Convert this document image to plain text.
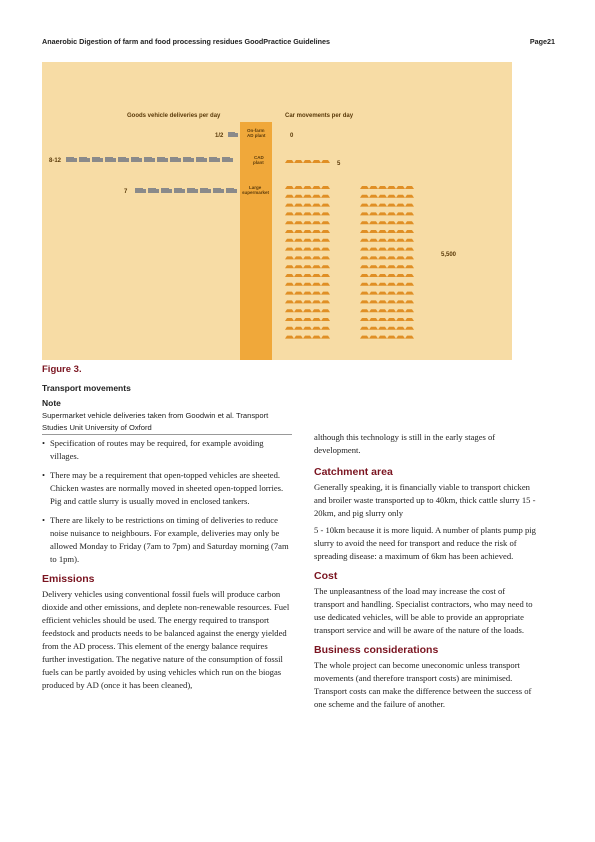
Anaerobic Digestion of farm and food processing residues GoodPractice Guidelines	Page21
Goods vehicle deliveries per day	Car movements per day
1/2
On-farm AD plant	0
8-12
CAD plant	5
7
Large supermarket
5,500
Figure 3.
Transport movements
Note

Supermarket vehicle deliveries taken from Goodwin et al. Transport Studies Unit University of Oxford

• Specification of routes may be required, for example avoiding villages.
• There may be a requirement that open-topped vehicles are sheeted. Chicken wastes are normally moved in sheeted open-topped lorries. Pig and cattle slurry is usually moved in enclosed tankers.
• There are likely to be restrictions on timing of deliveries to reduce noise nuisance to neighbours. For example, deliveries may only be allowed Monday to Friday (7am to 7pm) and Saturday morning (7am to 1pm).
Emissions

Delivery vehicles using conventional fossil fuels will produce carbon dioxide and other emissions, and deplete non-renewable resources. Fuel efficient vehicles should be used. The energy required to transport feedstock and products needs to be balanced against the energy yielded from the AD process. This element of the energy balance requires further investigation. The negative nature of the consumption of fossil fuels can be partly avoided by using vehicles which run on the biogas produced by AD (once it has been cleaned),

although this technology is still in the early stages of development.

Catchment area

Generally speaking, it is financially viable to transport chicken and broiler waste transported up to 40km, thick cattle slurry 15 - 20km, and pig slurry only

5 - 10km because it is more liquid. A number of plants pump pig slurry to avoid the need for transport and reduce the risk of spreading disease: a maximum of 6km has been achieved.

Cost

The unpleasantness of the load may increase the cost of transport and handling. Specialist contractors, who may need to use dedicated vehicles, will be able to provide an appropriate transport service and will be aware of the nature of the loads.

Business considerations

The whole project can become uneconomic unless transport movements (and therefore transport costs) are minimised. Transport costs can make the difference between the success of one scheme and the failure of another.
